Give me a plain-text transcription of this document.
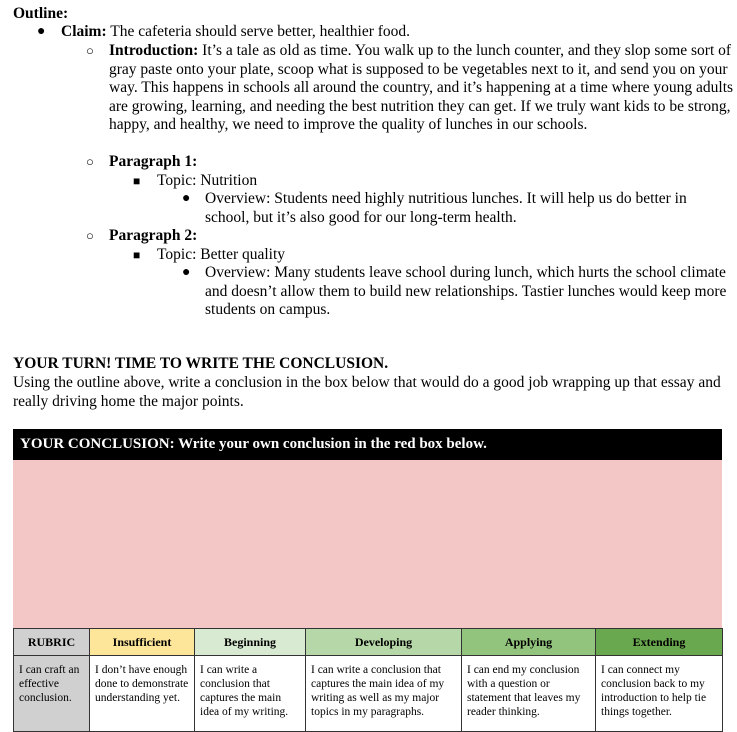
Outline:
● Claim: The cafeteria should serve better, healthier food.
○ Introduction: It’s a tale as old as time. You walk up to the lunch counter, and they slop some sort of gray paste onto your plate, scoop what is supposed to be vegetables next to it, and send you on your way. This happens in schools all around the country, and it’s happening at a time where young adults are growing, learning, and needing the best nutrition they can get. If we truly want kids to be strong, happy, and healthy, we need to improve the quality of lunches in our schools.
○ Paragraph 1:
■ Topic: Nutrition
● Overview: Students need highly nutritious lunches. It will help us do better in school, but it’s also good for our long-term health.
○ Paragraph 2:
■ Topic: Better quality
● Overview: Many students leave school during lunch, which hurts the school climate and doesn’t allow them to build new relationships. Tastier lunches would keep more students on campus.
YOUR TURN! TIME TO WRITE THE CONCLUSION.
Using the outline above, write a conclusion in the box below that would do a good job wrapping up that essay and really driving home the major points.
YOUR CONCLUSION: Write your own conclusion in the red box below.
RUBRIC	Insufficient	Beginning	Developing	Applying	Extending
I can craft an effective conclusion.	I don’t have enough done to demonstrate understanding yet.	I can write a conclusion that captures the main idea of my writing.	I can write a conclusion that captures the main idea of my writing as well as my major topics in my paragraphs.	I can end my conclusion with a question or statement that leaves my reader thinking.	I can connect my conclusion back to my introduction to help tie things together.
